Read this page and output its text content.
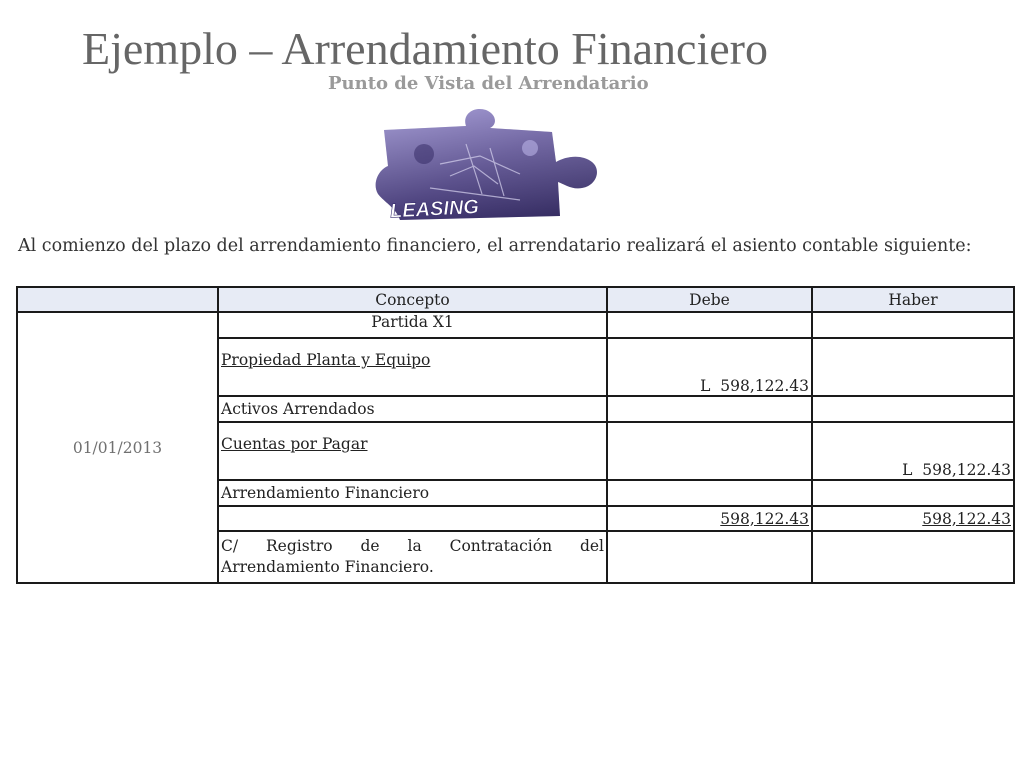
Ejemplo – Arrendamiento Financiero
Punto de Vista del Arrendatario
LEASING

Al comienzo del plazo del arrendamiento financiero, el arrendatario realizará el asiento contable siguiente:

	Concepto	Debe	Haber
01/01/2013	Partida X1		
	Propiedad Planta y Equipo	L  598,122.43	
	Activos Arrendados		
	Cuentas por Pagar		L  598,122.43
	Arrendamiento Financiero		
		598,122.43	598,122.43
	C/ Registro de la Contratación del Arrendamiento Financiero.		
